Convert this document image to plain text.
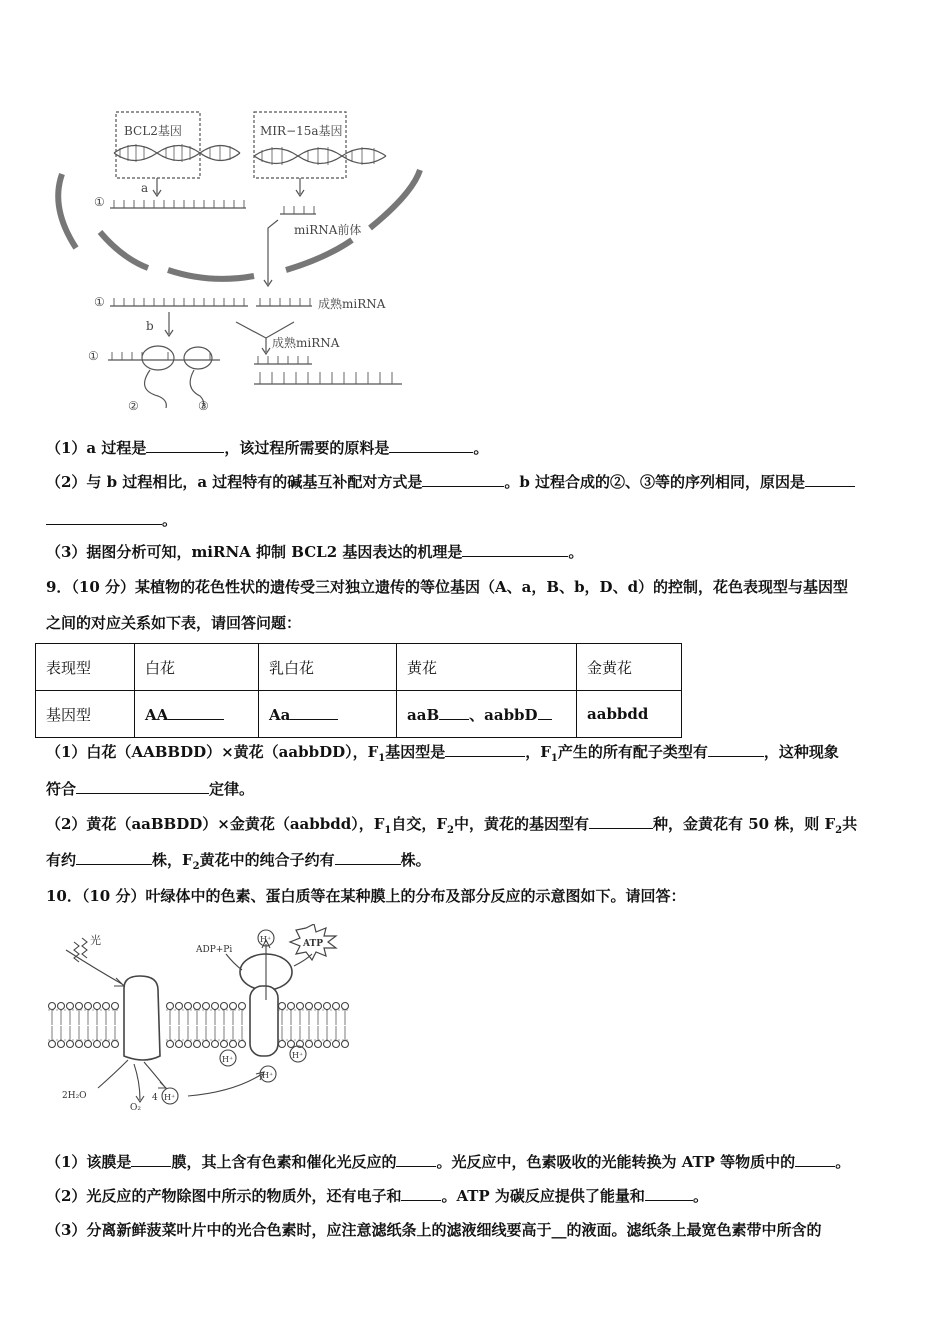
BCL2基因	MIR−15a基因
a
①
miRNA前体
①	成熟miRNA
b
成熟miRNA
①
②	③
（1）a 过程是	，该过程所需要的原料是	。
（2）与 b 过程相比，a 过程特有的碱基互补配对方式是	。b 过程合成的②、③等的序列相同，原因是
。
（3）据图分析可知，miRNA 抑制 BCL2 基因表达的机理是	。
9．（10 分）某植物的花色性状的遗传受三对独立遗传的等位基因（A、a，B、b，D、d）的控制，花色表现型与基因型
之间的对应关系如下表，请回答问题：
表现型	白花	乳白花	黄花	金黄花
基因型	AA	Aa	aaB 、aabbD	aabbdd
（1）白花（AABBDD）×黄花（aabbDD），$F_1$基因型是	，$F_1$产生的所有配子类型有	，这种现象
符合	定律。
（2）黄花（aaBBDD）×金黄花（aabbdd），$F_1$自交，$F_2$中，黄花的基因型有	种，金黄花有 50 株，则 $F_2$共
有约	株，$F_2$黄花中的纯合子约有	株。
10．（10 分）叶绿体中的色素、蛋白质等在某种膜上的分布及部分反应的示意图如下。请回答：
光
ADP+Pi
ATP
H⁺
H⁺	H⁺
H⁺
H⁺
4
2H₂O
O₂
（1）该膜是	膜，其上含有色素和催化光反应的	。光反应中，色素吸收的光能转换为 ATP 等物质中的	。
（2）光反应的产物除图中所示的物质外，还有电子和	。ATP 为碳反应提供了能量和	。
（3）分离新鲜菠菜叶片中的光合色素时，应注意滤纸条上的滤液细线要高于__的液面。滤纸条上最宽色素带中所含的
